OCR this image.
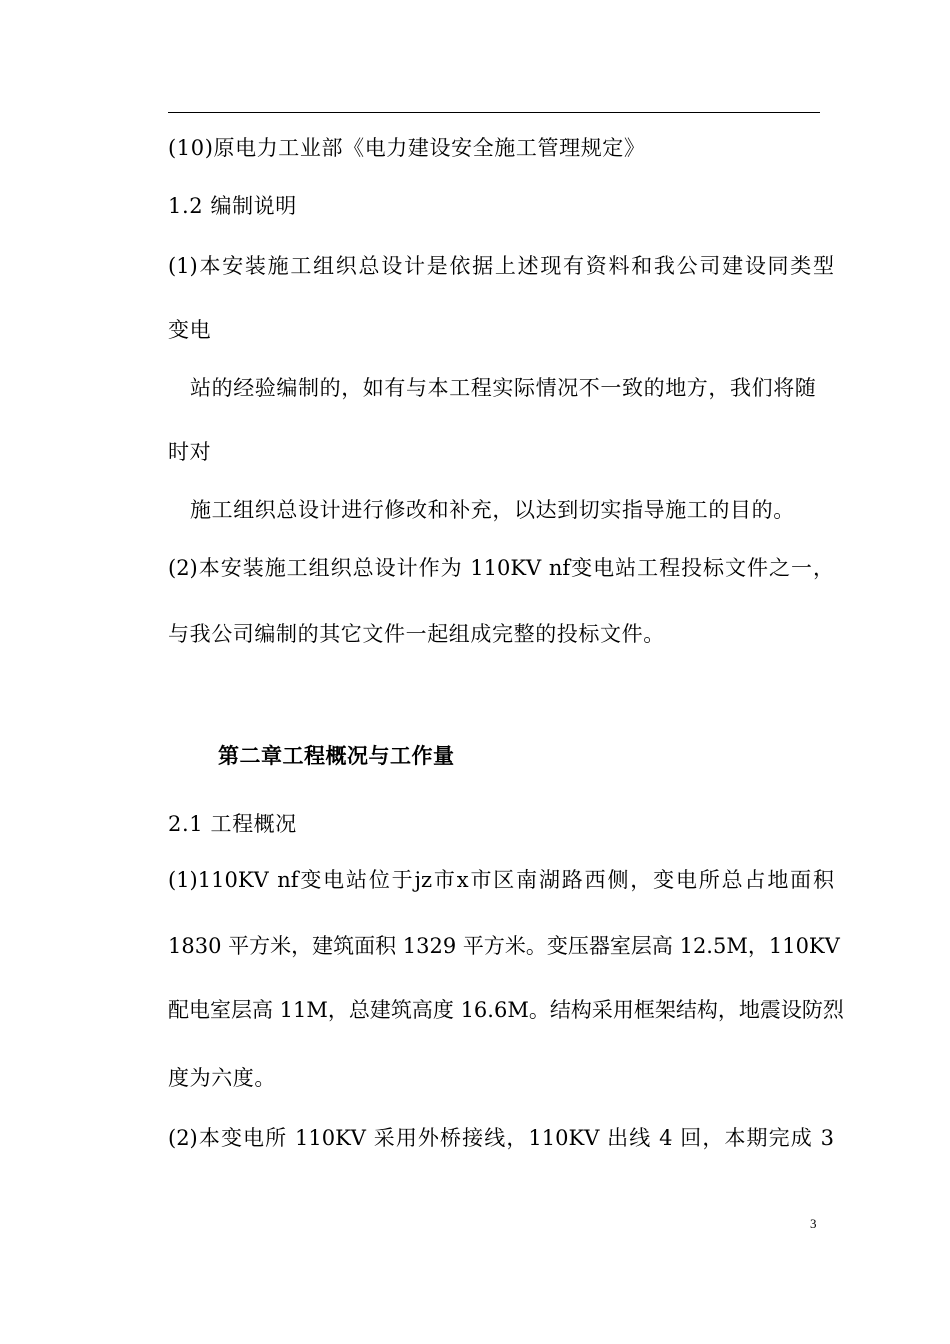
(10)原电力工业部《电力建设安全施工管理规定》
1.2 编制说明
(1)本安装施工组织总设计是依据上述现有资料和我公司建设同类型
变电
站的经验编制的，如有与本工程实际情况不一致的地方，我们将随
时对
施工组织总设计进行修改和补充，以达到切实指导施工的目的。
(2)本安装施工组织总设计作为 110KV nf变电站工程投标文件之一，
与我公司编制的其它文件一起组成完整的投标文件。
第二章工程概况与工作量
2.1 工程概况
(1)110KV nf变电站位于jz市x市区南湖路西侧，变电所总占地面积
1830 平方米，建筑面积 1329 平方米。变压器室层高 12.5M，110KV
配电室层高 11M，总建筑高度 16.6M。结构采用框架结构，地震设防烈
度为六度。
(2)本变电所 110KV 采用外桥接线，110KV 出线 4 回，本期完成 3
3
